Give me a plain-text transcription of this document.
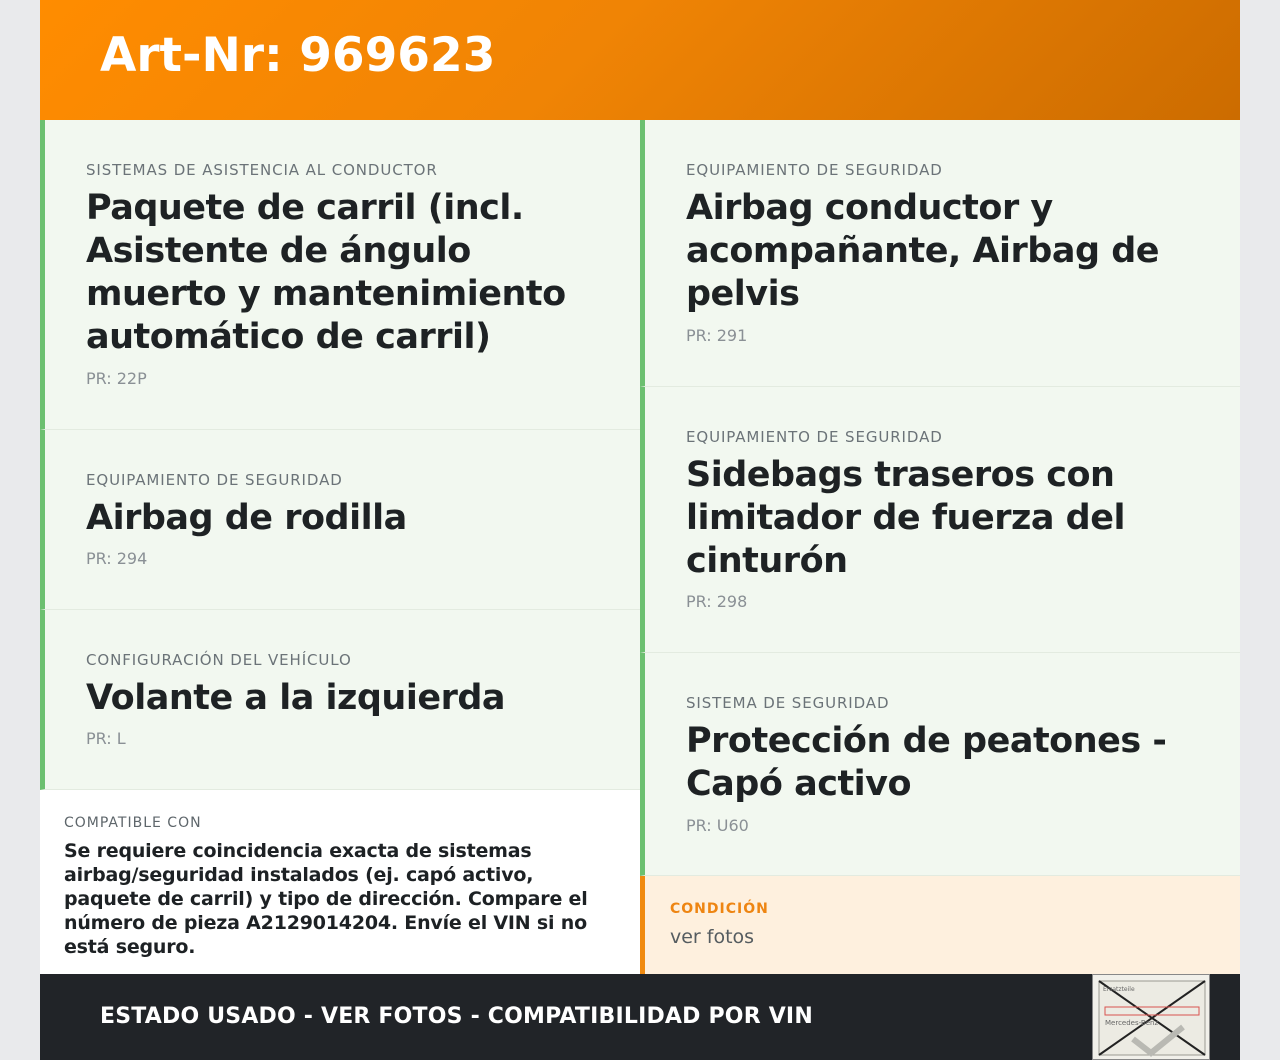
Art-Nr: 969623
SISTEMAS DE ASISTENCIA AL CONDUCTOR
Paquete de carril (incl. Asistente de ángulo muerto y mantenimiento automático de carril)
PR: 22P
EQUIPAMIENTO DE SEGURIDAD
Airbag de rodilla
PR: 294
CONFIGURACIÓN DEL VEHÍCULO
Volante a la izquierda
PR: L
EQUIPAMIENTO DE SEGURIDAD
Airbag conductor y acompañante, Airbag de pelvis
PR: 291
EQUIPAMIENTO DE SEGURIDAD
Sidebags traseros con limitador de fuerza del cinturón
PR: 298
SISTEMA DE SEGURIDAD
Protección de peatones - Capó activo
PR: U60
COMPATIBLE CON
Se requiere coincidencia exacta de sistemas airbag/seguridad instalados (ej. capó activo, paquete de carril) y tipo de dirección. Compare el número de pieza A2129014204. Envíe el VIN si no está seguro.
CONDICIÓN
ver fotos
ESTADO USADO - VER FOTOS - COMPATIBILIDAD POR VIN
Ersatzteile
Mercedes-Benz
